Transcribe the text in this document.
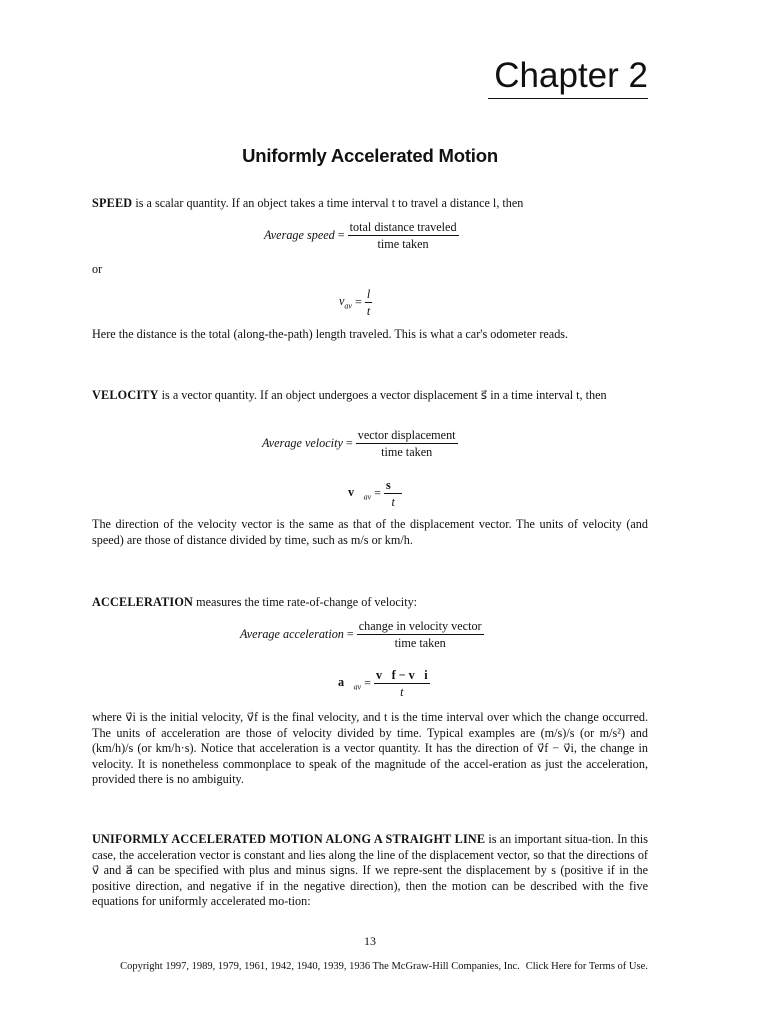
Chapter 2
Uniformly Accelerated Motion
SPEED is a scalar quantity. If an object takes a time interval t to travel a distance l, then
Average speed = $\frac{\text{total distance traveled}}{\text{time taken}}$
or
$v_{av} = \frac{l}{t}$
Here the distance is the total (along-the-path) length traveled. This is what a car's odometer reads.
VELOCITY is a vector quantity. If an object undergoes a vector displacement s⃗ in a time interval t, then
Average velocity = $\frac{\text{vector displacement}}{\text{time taken}}$
$v⃗_{av} = \frac{s⃗}{t}$
The direction of the velocity vector is the same as that of the displacement vector. The units of velocity (and speed) are those of distance divided by time, such as m/s or km/h.
ACCELERATION measures the time rate-of-change of velocity:
Average acceleration = $\frac{\text{change in velocity vector}}{\text{time taken}}$
$a⃗_{av} = \frac{v⃗f - v⃗i}{t}$
where v⃗i is the initial velocity, v⃗f is the final velocity, and t is the time interval over which the change occurred. The units of acceleration are those of velocity divided by time. Typical examples are (m/s)/s (or m/s²) and (km/h)/s (or km/h·s). Notice that acceleration is a vector quantity. It has the direction of v⃗f − v⃗i, the change in velocity. It is nonetheless commonplace to speak of the magnitude of the accel-eration as just the acceleration, provided there is no ambiguity.
UNIFORMLY ACCELERATED MOTION ALONG A STRAIGHT LINE is an important situa-tion. In this case, the acceleration vector is constant and lies along the line of the displacement vector, so that the directions of v⃗ and a⃗ can be specified with plus and minus signs. If we repre-sent the displacement by s (positive if in the positive direction, and negative if in the negative direction), then the motion can be described with the five equations for uniformly accelerated mo-tion:
13
Copyright 1997, 1989, 1979, 1961, 1942, 1940, 1939, 1936 The McGraw-Hill Companies, Inc. Click Here for Terms of Use.
